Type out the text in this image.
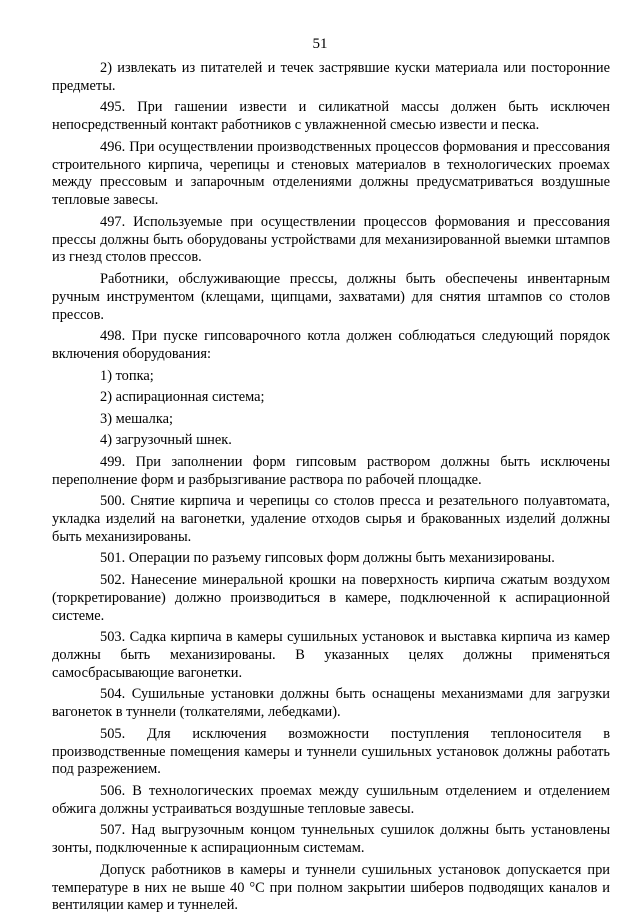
51

2) извлекать из питателей и течек застрявшие куски материала или посторонние предметы.

495. При гашении извести и силикатной массы должен быть исключен непосредственный контакт работников с увлажненной смесью извести и песка.

496. При осуществлении производственных процессов формования и прессования строительного кирпича, черепицы и стеновых материалов в технологических проемах между прессовым и запарочным отделениями должны предусматриваться воздушные тепловые завесы.

497. Используемые при осуществлении процессов формования и прессования прессы должны быть оборудованы устройствами для механизированной выемки штампов из гнезд столов прессов.

Работники, обслуживающие прессы, должны быть обеспечены инвентарным ручным инструментом (клещами, щипцами, захватами) для снятия штампов со столов прессов.

498. При пуске гипсоварочного котла должен соблюдаться следующий порядок включения оборудования:

1) топка;

2) аспирационная система;

3) мешалка;

4) загрузочный шнек.

499. При заполнении форм гипсовым раствором должны быть исключены переполнение форм и разбрызгивание раствора по рабочей площадке.

500. Снятие кирпича и черепицы со столов пресса и резательного полуавтомата, укладка изделий на вагонетки, удаление отходов сырья и бракованных изделий должны быть механизированы.

501. Операции по разъему гипсовых форм должны быть механизированы.

502. Нанесение минеральной крошки на поверхность кирпича сжатым воздухом (торкретирование) должно производиться в камере, подключенной к аспирационной системе.

503. Садка кирпича в камеры сушильных установок и выставка кирпича из камер должны быть механизированы. В указанных целях должны применяться самосбрасывающие вагонетки.

504. Сушильные установки должны быть оснащены механизмами для загрузки вагонеток в туннели (толкателями, лебедками).

505. Для исключения возможности поступления теплоносителя в производственные помещения камеры и туннели сушильных установок должны работать под разрежением.

506. В технологических проемах между сушильным отделением и отделением обжига должны устраиваться воздушные тепловые завесы.

507. Над выгрузочным концом туннельных сушилок должны быть установлены зонты, подключенные к аспирационным системам.

Допуск работников в камеры и туннели сушильных установок допускается при температуре в них не выше 40 °С при полном закрытии шиберов подводящих каналов и вентиляции камер и туннелей.
